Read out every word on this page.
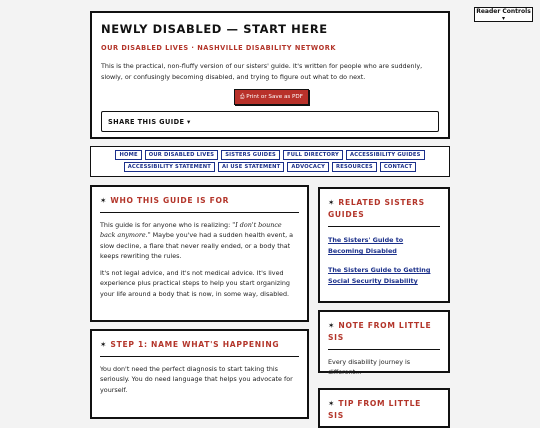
Reader Controls ▾
NEWLY DISABLED — START HERE
OUR DISABLED LIVES · NASHVILLE DISABILITY NETWORK
This is the practical, non-fluffy version of our sisters' guide. It's written for people who are suddenly, slowly, or confusingly becoming disabled, and trying to figure out what to do next.
⎙ Print or Save as PDF
SHARE THIS GUIDE ▾
HOME	OUR DISABLED LIVES	SISTERS GUIDES	FULL DIRECTORY	ACCESSIBILITY GUIDES
ACCESSIBILITY STATEMENT	AI USE STATEMENT	ADVOCACY	RESOURCES	CONTACT
✶ WHO THIS GUIDE IS FOR
This guide is for anyone who is realizing: "I don't bounce back anymore." Maybe you've had a sudden health event, a slow decline, a flare that never really ended, or a body that keeps rewriting the rules.
It's not legal advice, and it's not medical advice. It's lived experience plus practical steps to help you start organizing your life around a body that is now, in some way, disabled.
✶ STEP 1: NAME WHAT'S HAPPENING
You don't need the perfect diagnosis to start taking this seriously. You do need language that helps you advocate for yourself.
✶ RELATED SISTERS GUIDES
The Sisters' Guide to Becoming Disabled
The Sisters Guide to Getting Social Security Disability
✶ NOTE FROM LITTLE SIS
Every disability journey is different...
✶ TIP FROM LITTLE SIS
